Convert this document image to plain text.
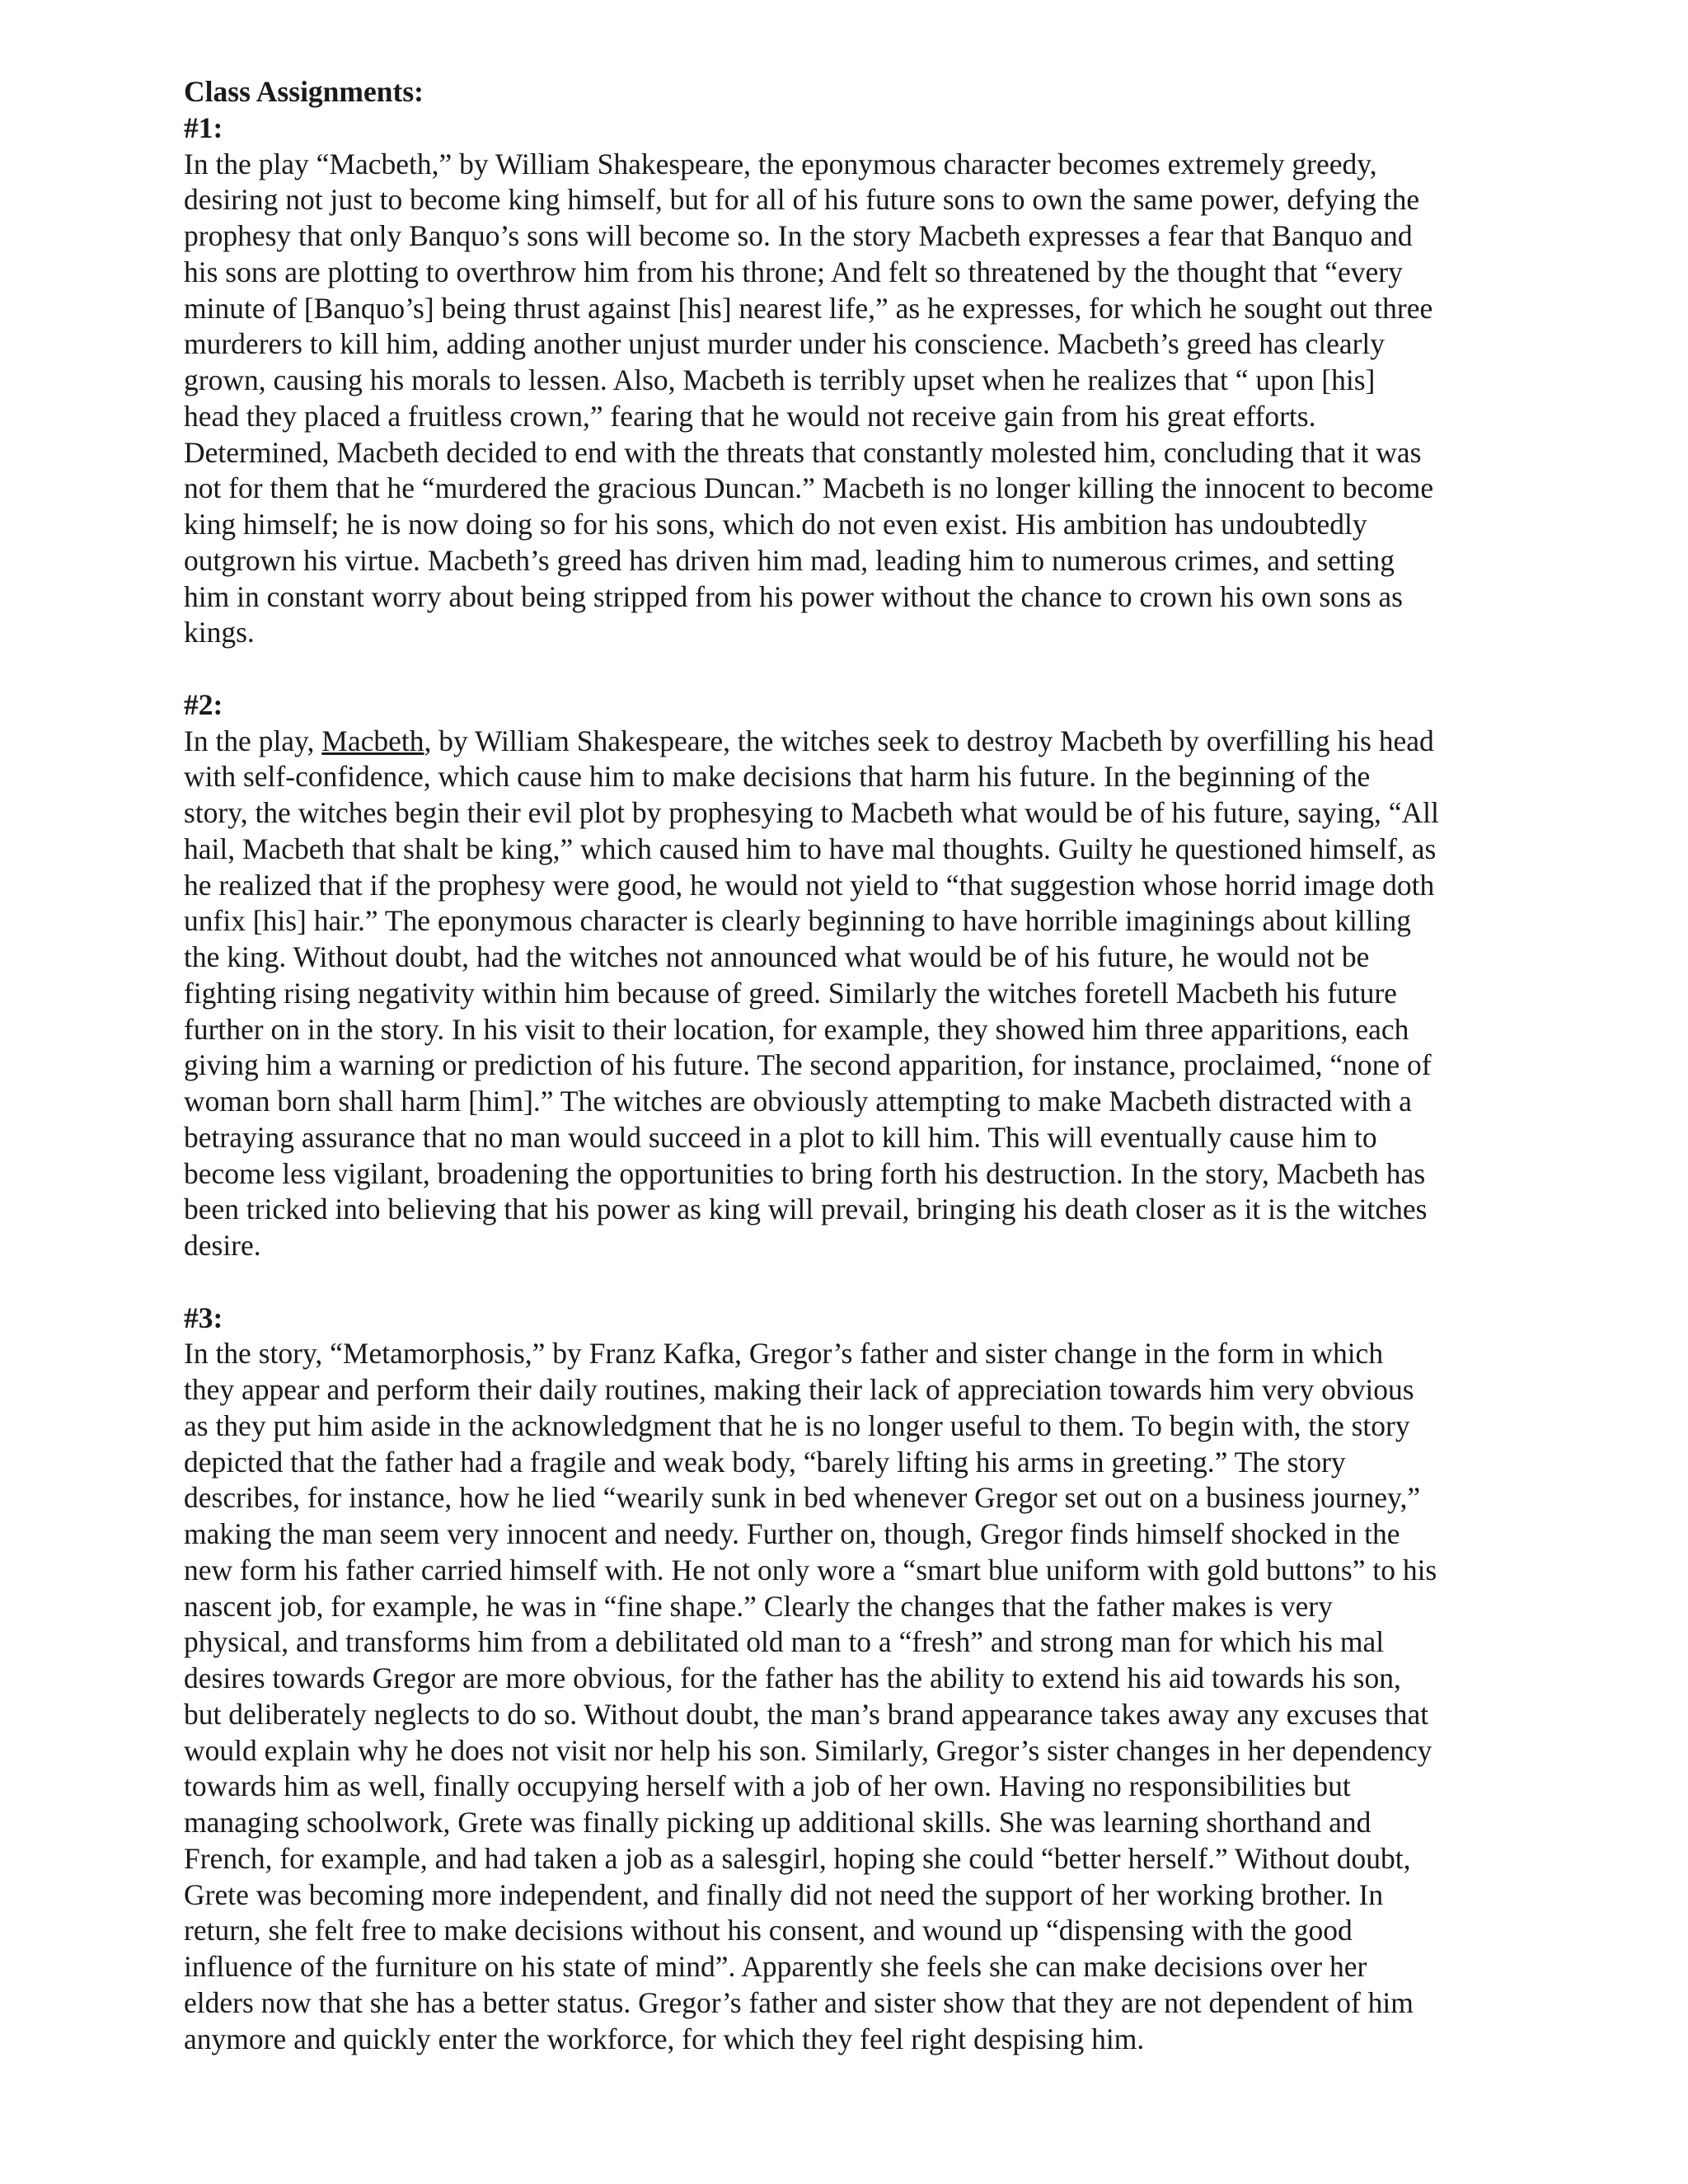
Class Assignments:

#1:

In the play “Macbeth,” by William Shakespeare, the eponymous character becomes extremely greedy,
desiring not just to become king himself, but for all of his future sons to own the same power, defying the
prophesy that only Banquo’s sons will become so. In the story Macbeth expresses a fear that Banquo and
his sons are plotting to overthrow him from his throne; And felt so threatened by the thought that “every
minute of [Banquo’s] being thrust against [his] nearest life,” as he expresses, for which he sought out three
murderers to kill him, adding another unjust murder under his conscience. Macbeth’s greed has clearly
grown, causing his morals to lessen. Also, Macbeth is terribly upset when he realizes that “ upon [his]
head they placed a fruitless crown,” fearing that he would not receive gain from his great efforts.
Determined, Macbeth decided to end with the threats that constantly molested him, concluding that it was
not for them that he “murdered the gracious Duncan.” Macbeth is no longer killing the innocent to become
king himself; he is now doing so for his sons, which do not even exist. His ambition has undoubtedly
outgrown his virtue. Macbeth’s greed has driven him mad, leading him to numerous crimes, and setting
him in constant worry about being stripped from his power without the chance to crown his own sons as
kings.

#2:

In the play, Macbeth, by William Shakespeare, the witches seek to destroy Macbeth by overfilling his head
with self-confidence, which cause him to make decisions that harm his future. In the beginning of the
story, the witches begin their evil plot by prophesying to Macbeth what would be of his future, saying, “All
hail, Macbeth that shalt be king,” which caused him to have mal thoughts. Guilty he questioned himself, as
he realized that if the prophesy were good, he would not yield to “that suggestion whose horrid image doth
unfix [his] hair.” The eponymous character is clearly beginning to have horrible imaginings about killing
the king. Without doubt, had the witches not announced what would be of his future, he would not be
fighting rising negativity within him because of greed. Similarly the witches foretell Macbeth his future
further on in the story. In his visit to their location, for example, they showed him three apparitions, each
giving him a warning or prediction of his future. The second apparition, for instance, proclaimed, “none of
woman born shall harm [him].” The witches are obviously attempting to make Macbeth distracted with a
betraying assurance that no man would succeed in a plot to kill him. This will eventually cause him to
become less vigilant, broadening the opportunities to bring forth his destruction. In the story, Macbeth has
been tricked into believing that his power as king will prevail, bringing his death closer as it is the witches
desire.

#3:

In the story, “Metamorphosis,” by Franz Kafka, Gregor’s father and sister change in the form in which
they appear and perform their daily routines, making their lack of appreciation towards him very obvious
as they put him aside in the acknowledgment that he is no longer useful to them. To begin with, the story
depicted that the father had a fragile and weak body, “barely lifting his arms in greeting.” The story
describes, for instance, how he lied “wearily sunk in bed whenever Gregor set out on a business journey,”
making the man seem very innocent and needy. Further on, though, Gregor finds himself shocked in the
new form his father carried himself with. He not only wore a “smart blue uniform with gold buttons” to his
nascent job, for example, he was in “fine shape.” Clearly the changes that the father makes is very
physical, and transforms him from a debilitated old man to a “fresh” and strong man for which his mal
desires towards Gregor are more obvious, for the father has the ability to extend his aid towards his son,
but deliberately neglects to do so. Without doubt, the man’s brand appearance takes away any excuses that
would explain why he does not visit nor help his son. Similarly, Gregor’s sister changes in her dependency
towards him as well, finally occupying herself with a job of her own. Having no responsibilities but
managing schoolwork, Grete was finally picking up additional skills. She was learning shorthand and
French, for example, and had taken a job as a salesgirl, hoping she could “better herself.” Without doubt,
Grete was becoming more independent, and finally did not need the support of her working brother. In
return, she felt free to make decisions without his consent, and wound up “dispensing with the good
influence of the furniture on his state of mind”. Apparently she feels she can make decisions over her
elders now that she has a better status. Gregor’s father and sister show that they are not dependent of him
anymore and quickly enter the workforce, for which they feel right despising him.
